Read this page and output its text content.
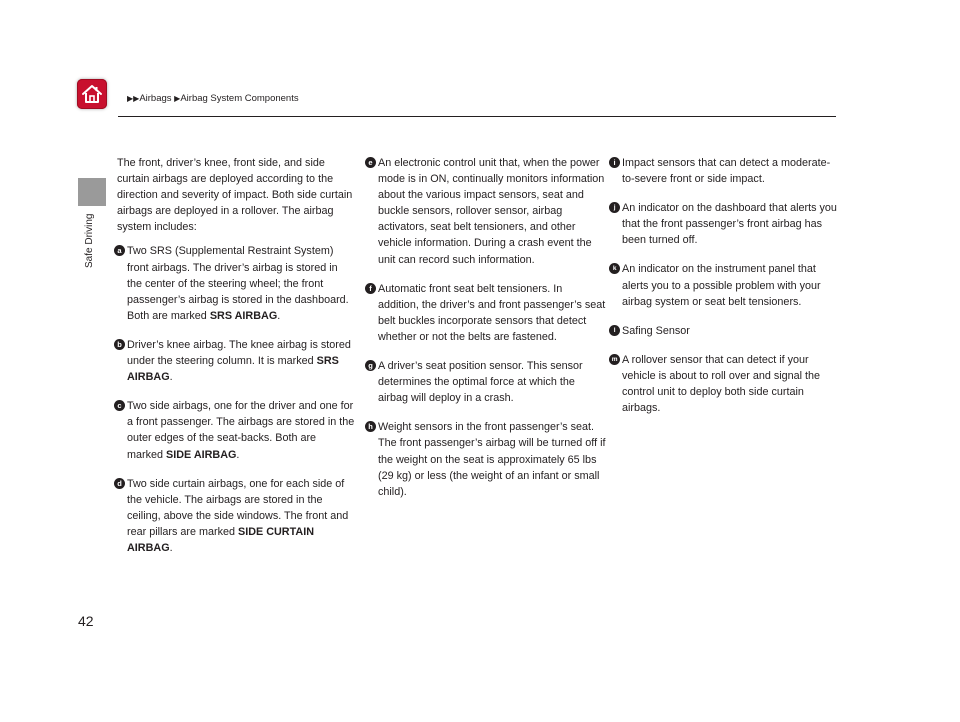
▶▶Airbags ▶Airbag System Components
Safe Driving
42

The front, driver’s knee, front side, and side curtain airbags are deployed according to the direction and severity of impact. Both side curtain airbags are deployed in a rollover. The airbag system includes:

a Two SRS (Supplemental Restraint System) front airbags. The driver’s airbag is stored in the center of the steering wheel; the front passenger’s airbag is stored in the dashboard. Both are marked SRS AIRBAG.
b Driver’s knee airbag. The knee airbag is stored under the steering column. It is marked SRS AIRBAG.
c Two side airbags, one for the driver and one for a front passenger. The airbags are stored in the outer edges of the seat-backs. Both are marked SIDE AIRBAG.
d Two side curtain airbags, one for each side of the vehicle. The airbags are stored in the ceiling, above the side windows. The front and rear pillars are marked SIDE CURTAIN AIRBAG.
e An electronic control unit that, when the power mode is in ON, continually monitors information about the various impact sensors, seat and buckle sensors, rollover sensor, airbag activators, seat belt tensioners, and other vehicle information. During a crash event the unit can record such information.
f Automatic front seat belt tensioners. In addition, the driver’s and front passenger’s seat belt buckles incorporate sensors that detect whether or not the belts are fastened.
g A driver’s seat position sensor. This sensor determines the optimal force at which the airbag will deploy in a crash.
h Weight sensors in the front passenger’s seat. The front passenger’s airbag will be turned off if the weight on the seat is approximately 65 lbs (29 kg) or less (the weight of an infant or small child).
i Impact sensors that can detect a moderate-to-severe front or side impact.
j An indicator on the dashboard that alerts you that the front passenger’s front airbag has been turned off.
k An indicator on the instrument panel that alerts you to a possible problem with your airbag system or seat belt tensioners.
l Safing Sensor
m A rollover sensor that can detect if your vehicle is about to roll over and signal the control unit to deploy both side curtain airbags.
